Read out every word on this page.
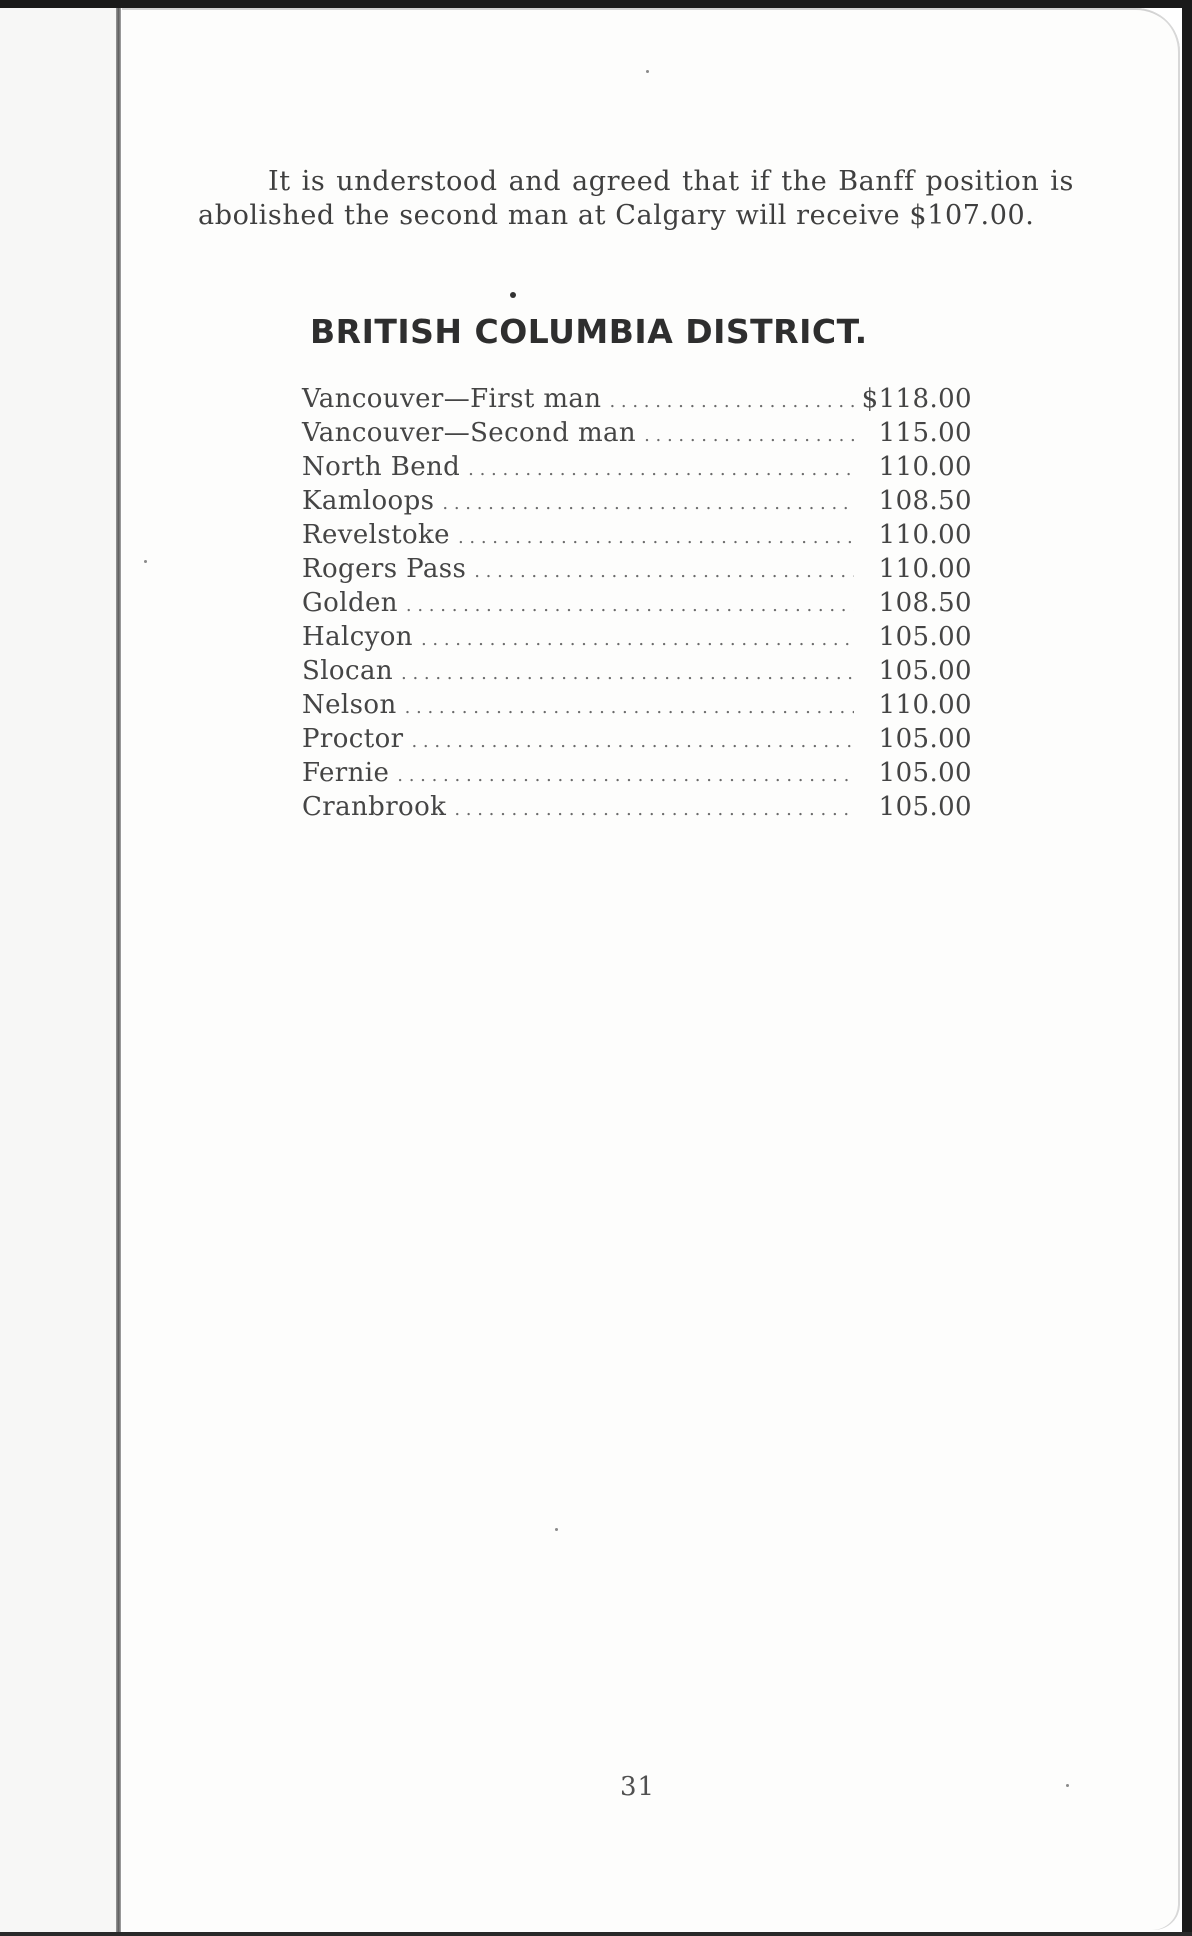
It is understood and agreed that if the Banff position is abolished the second man at Calgary will receive $107.00.

BRITISH COLUMBIA DISTRICT.
Vancouver—First man . . .	$118.00
Vancouver—Second man . . .	115.00
North Bend . . .	110.00
Kamloops . . .	108.50
Revelstoke . . .	110.00
Rogers Pass . . .	110.00
Golden . . .	108.50
Halcyon . . .	105.00
Slocan . . .	105.00
Nelson . . .	110.00
Proctor . . .	105.00
Fernie . . .	105.00
Cranbrook . . .	105.00
31
